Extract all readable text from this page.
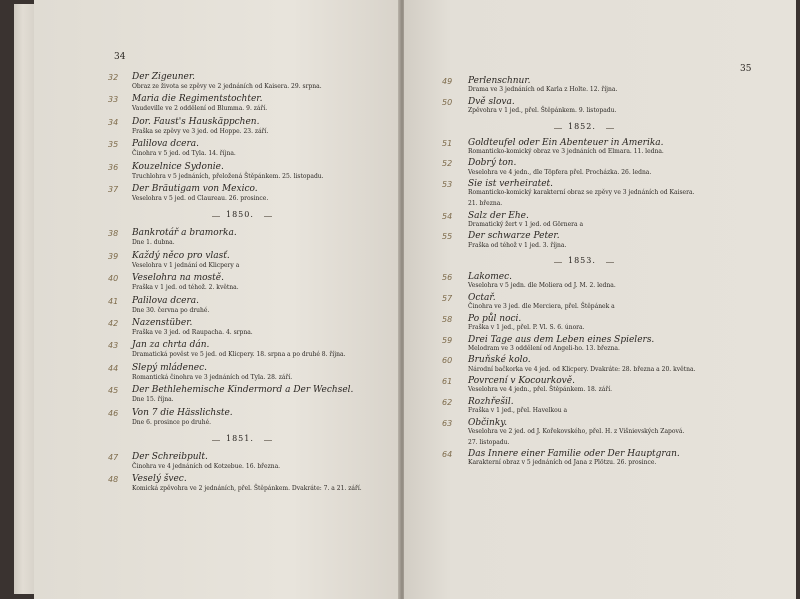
34
32 Der Zigeuner.
Obraz ze života se zpěvy ve 2 jednáních od Kaisera. 29. srpna.
33 Maria die Regimentstochter.
Vaudeville ve 2 oddělení od Blumma. 9. září.
34 Dor. Faust's Hauskäppchen.
Fraška se zpěvy ve 3 jed. od Hoppe. 23. září.
35 Palilova dcera.
Činohra v 5 jed. od Tyla. 14. října.
36 Kouzelnice Sydonie.
Truchlohra v 5 jednáních, přeložená Štěpánkem. 25. listopadu.
37 Der Bräutigam von Mexico.
Veselohra v 5 jed. od Claureau. 26. prosince.
1850.
38 Bankrotář a bramorka.
Dne 1. dubna.
39 Každý něco pro vlasť.
Veselohra v 1 jednání od Klicpery a
40 Veselohra na mostě.
Fraška v 1 jed. od téhož. 2. května.
41 Palilova dcera.
Dne 30. června po druhé.
42 Nazenstüber.
Fraška ve 3 jed. od Raupacha. 4. srpna.
43 Jan za chrta dán.
Dramatická pověst ve 5 jed. od Klicpery. 18. srpna a po druhé 8. října.
44 Slepý mládenec.
Romantická činohra ve 3 jednáních od Tyla. 28. září.
45 Der Bethlehemische Kindermord a Der Wechsel.
Dne 15. října.
46 Von 7 die Hässlichste.
Dne 6. prosince po druhé.
1851.
47 Der Schreibpult.
Činohra ve 4 jednáních od Kotzebue. 16. března.
48 Veselý švec.
Komická zpěvohra ve 2 jednáních, přel. Štěpánkem. Dvakráte: 7. a 21. září.
35
49 Perlenschnur.
Drama ve 3 jednáních od Karla z Holte. 12. října.
50 Dvě slova.
Zpěvohra v 1 jed., přel. Štěpánkem. 9. listopadu.
1852.
51 Goldteufel oder Ein Abenteuer in Amerika.
Romanticko-komický obraz ve 3 jednáních od Elmara. 11. ledna.
52 Dobrý ton.
Veselohra ve 4 jedn., dle Töpfera přel. Procházka. 26. ledna.
53 Sie ist verheiratet.
Romanticko-komický karakterní obraz se zpěvy ve 3 jednáních od Kaisera.
21. března.
54 Salz der Ehe.
Dramatický žert v 1 jed. od Görnera a
55 Der schwarze Peter.
Fraška od téhož v 1 jed. 3. října.
1853.
56 Lakomec.
Veselohra v 5 jedn. dle Moliera od J. M. 2. ledna.
57 Octař.
Činohra ve 3 jed. dle Merciera, přel. Štěpánek a
58 Po půl noci.
Fraška v 1 jed., přel. P. Vl. S. 6. února.
59 Drei Tage aus dem Leben eines Spielers.
Melodram ve 3 oddělení od Angeli-ho. 13. března.
60 Bruňské kolo.
Národní bačkorka ve 4 jed. od Klicpery. Dvakráte: 28. března a 20. května.
61 Povrcení v Kocourkově.
Veselohra ve 4 jedn., přel. Štěpánkem. 18. září.
62 Rozhřešil.
Fraška v 1 jed., přel. Havelkou a
63 Občinky.
Veselohra ve 2 jed. od J. Kořekovského, přel. H. z Višnievských Zapová.
27. listopadu.
64 Das Innere einer Familie oder Der Hauptgran.
Karakterní obraz v 5 jednáních od Jana z Plötzu. 26. prosince.
